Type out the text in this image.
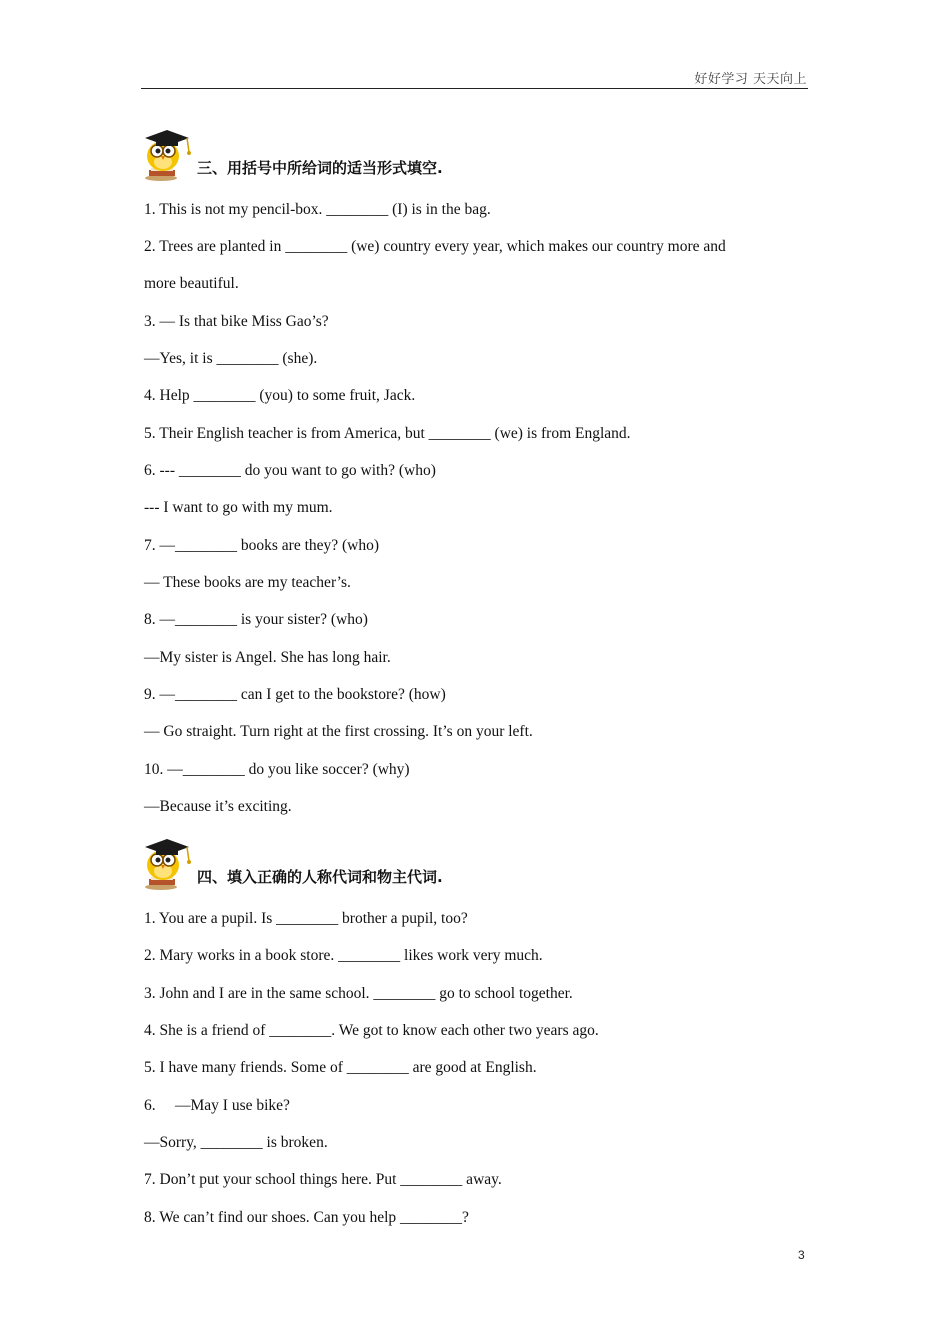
好好学习 天天向上
三、用括号中所给词的适当形式填空.
1. This is not my pencil-box. ________ (I) is in the bag.
2. Trees are planted in ________ (we) country every year, which makes our country more and
more beautiful.
3. — Is that bike Miss Gao’s?
—Yes, it is ________ (she).
4. Help ________ (you) to some fruit, Jack.
5. Their English teacher is from America, but ________ (we) is from England.
6. --- ________ do you want to go with? (who)
--- I want to go with my mum.
7. —________ books are they? (who)
— These books are my teacher’s.
8. —________ is your sister? (who)
—My sister is Angel. She has long hair.
9. —________ can I get to the bookstore? (how)
— Go straight. Turn right at the first crossing. It’s on your left.
10. —________ do you like soccer? (why)
—Because it’s exciting.
四、填入正确的人称代词和物主代词.
1. You are a pupil. Is ________ brother a pupil, too?
2. Mary works in a book store. ________ likes work very much.
3. John and I are in the same school. ________ go to school together.
4. She is a friend of ________. We got to know each other two years ago.
5. I have many friends. Some of ________ are good at English.
6.     —May I use bike?
—Sorry, ________ is broken.
7. Don’t put your school things here. Put ________ away.
8. We can’t find our shoes. Can you help ________?
3
